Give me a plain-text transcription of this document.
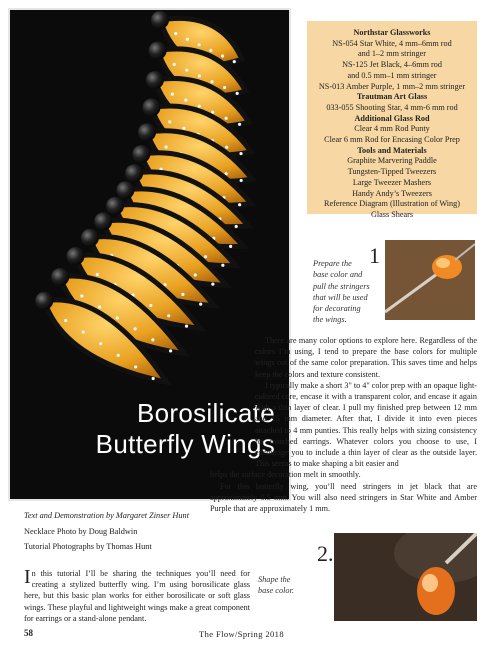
Borosilicate
Butterfly Wings
Northstar Glassworks
NS-054 Star White, 4 mm–6mm rod
and 1–2 mm stringer
NS-125 Jet Black, 4–6mm rod
and 0.5 mm–1 mm stringer
NS-013 Amber Purple, 1 mm–2 mm stringer
Trautman Art Glass
033-055 Shooting Star, 4 mm-6 mm rod
Additional Glass Rod
Clear 4 mm Rod Punty
Clear 6 mm Rod for Encasing Color Prep
Tools and Materials
Graphite Marvering Paddle
Tungsten-Tipped Tweezers
Large Tweezer Mashers
Handy Andy’s Tweezers
Reference Diagram (Illustration of Wing)
Glass Shears
Prepare the
base color and
pull the stringers
that will be used
for decorating
the wings.
1

There are many color options to explore here. Regardless of the colors I’m using, I tend to prepare the base colors for multiple wings out of the same color preparation. This saves time and helps keep the colors and texture consistent.

I typically make a short 3" to 4" color prep with an opaque light-colored core, encase it with a transparent color, and encase it again with a thin layer of clear. I pull my finished prep between 12 mm and 15 mm diameter. After that, I divide it into even pieces attached to 4 mm punties. This really helps with sizing consistency for matched earrings. Whatever colors you choose to use, I encourage you to include a thin layer of clear as the outside layer. This seems to make shaping a bit easier and

helps the surface decoration melt in smoothly.

For this butterfly wing, you’ll need stringers in jet black that are approximately 0.5 mm. You will also need stringers in Star White and Amber Purple that are approximately 1 mm.

Text and Demonstration by Margaret Zinser Hunt
Necklace Photo by Doug Baldwin
Tutorial Photographs by Thomas Hunt
In this tutorial I’ll be sharing the techniques you’ll need for creating a stylized butterfly wing. I’m using borosilicate glass here, but this basic plan works for either borosilicate or soft glass wings. These playful and lightweight wings make a great component for earrings or a stand-alone pendant.
2.
Shape the
base color.
58	The Flow/Spring 2018
